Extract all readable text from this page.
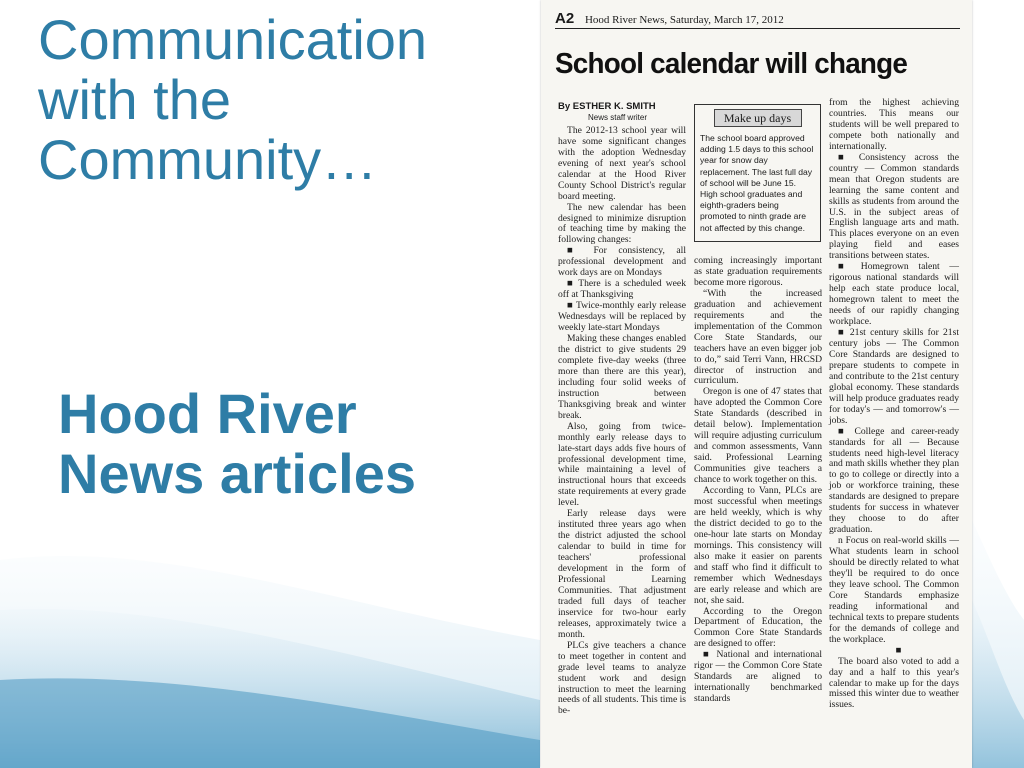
Communication
with the
Community…
Hood River
News articles
A2 Hood River News, Saturday, March 17, 2012
School calendar will change

By ESTHER K. SMITH

News staff writer

The 2012-13 school year will have some significant changes with the adoption Wednesday evening of next year's school calendar at the Hood River County School District's regular board meeting.

The new calendar has been designed to minimize disruption of teaching time by making the following changes:

■ For consistency, all professional development and work days are on Mondays

■ There is a scheduled week off at Thanksgiving

■ Twice-monthly early release Wednesdays will be replaced by weekly late-start Mondays

Making these changes enabled the district to give students 29 complete five-day weeks (three more than there are this year), including four solid weeks of instruction between Thanksgiving break and winter break.

Also, going from twice-monthly early release days to late-start days adds five hours of professional development time, while maintaining a level of instructional hours that exceeds state requirements at every grade level.

Early release days were instituted three years ago when the district adjusted the school calendar to build in time for teachers' professional development in the form of Professional Learning Communities. That adjustment traded full days of teacher inservice for two-hour early releases, approximately twice a month.

PLCs give teachers a chance to meet together in content and grade level teams to analyze student work and design instruction to meet the learning needs of all students. This time is be-

Make up days
The school board approved adding 1.5 days to this school year for snow day replacement. The last full day of school will be June 15. High school graduates and eighth-graders being promoted to ninth grade are not affected by this change.

coming increasingly important as state graduation requirements become more rigorous.

“With the increased graduation and achievement requirements and the implementation of the Common Core State Standards, our teachers have an even bigger job to do,” said Terri Vann, HRCSD director of instruction and curriculum.

Oregon is one of 47 states that have adopted the Common Core State Standards (described in detail below). Implementation will require adjusting curriculum and common assessments, Vann said. Professional Learning Communities give teachers a chance to work together on this.

According to Vann, PLCs are most successful when meetings are held weekly, which is why the district decided to go to the one-hour late starts on Monday mornings. This consistency will also make it easier on parents and staff who find it difficult to remember which Wednesdays are early release and which are not, she said.

According to the Oregon Department of Education, the Common Core State Standards are designed to offer:

■ National and international rigor — the Common Core State Standards are aligned to internationally benchmarked standards

from the highest achieving countries. This means our students will be well prepared to compete both nationally and internationally.

■ Consistency across the country — Common standards mean that Oregon students are learning the same content and skills as students from around the U.S. in the subject areas of English language arts and math. This places everyone on an even playing field and eases transitions between states.

■ Homegrown talent — rigorous national standards will help each state produce local, homegrown talent to meet the needs of our rapidly changing workplace.

■ 21st century skills for 21st century jobs — The Common Core Standards are designed to prepare students to compete in and contribute to the 21st century global economy. These standards will help produce graduates ready for today's — and tomorrow's — jobs.

■ College and career-ready standards for all — Because students need high-level literacy and math skills whether they plan to go to college or directly into a job or workforce training, these standards are designed to prepare students for success in whatever they choose to do after graduation.

n Focus on real-world skills —What students learn in school should be directly related to what they'll be required to do once they leave school. The Common Core Standards emphasize reading informational and technical texts to prepare students for the demands of college and the workplace.

■

The board also voted to add a day and a half to this year's calendar to make up for the days missed this winter due to weather issues.
